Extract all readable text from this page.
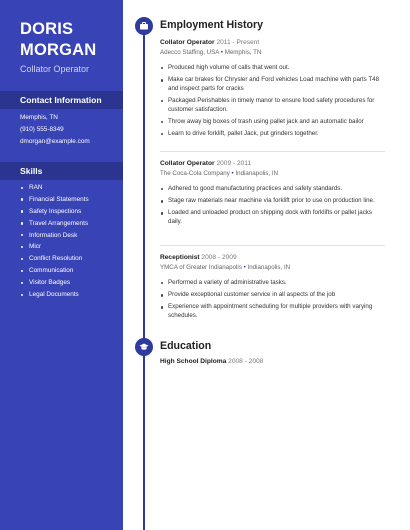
DORIS
MORGAN
Collator Operator
Contact Information
Memphis, TN
(910) 555-8349
dmorgan@example.com
Skills
RAN
Financial Statements
Safety Inspections
Travel Arrangements
Information Desk
Micr
Conflict Resolution
Communication
Visitor Badges
Legal Documents
Employment History
Collator Operator 2011 - Present
Adecco Staffing, USA • Memphis, TN
Produced high volume of calls that went out.
Make car brakes for Chrysler and Ford vehicles Load machine with parts T48 and inspect parts for cracks
Packaged Perishables in timely manor to ensure food safety procedures for customer satisfaction.
Throw away big boxes of trash using pallet jack and an automatic bailor
Learn to drive forklift, pallet Jack, put grinders together.
Collator Operator 2009 - 2011
The Coca-Cola Company • Indianapolis, IN
Adhered to good manufacturing practices and safety standards.
Stage raw materials near machine via forklift prior to use on production line.
Loaded and unloaded product on shipping dock with forklifts or pallet jacks daily.
Receptionist 2008 - 2009
YMCA of Greater Indianapolis • Indianapolis, IN
Performed a variety of administrative tasks.
Provide exceptional customer service in all aspects of the job
Experience with appointment scheduling for multiple providers with varying schedules.
Education
High School Diploma 2008 - 2008
